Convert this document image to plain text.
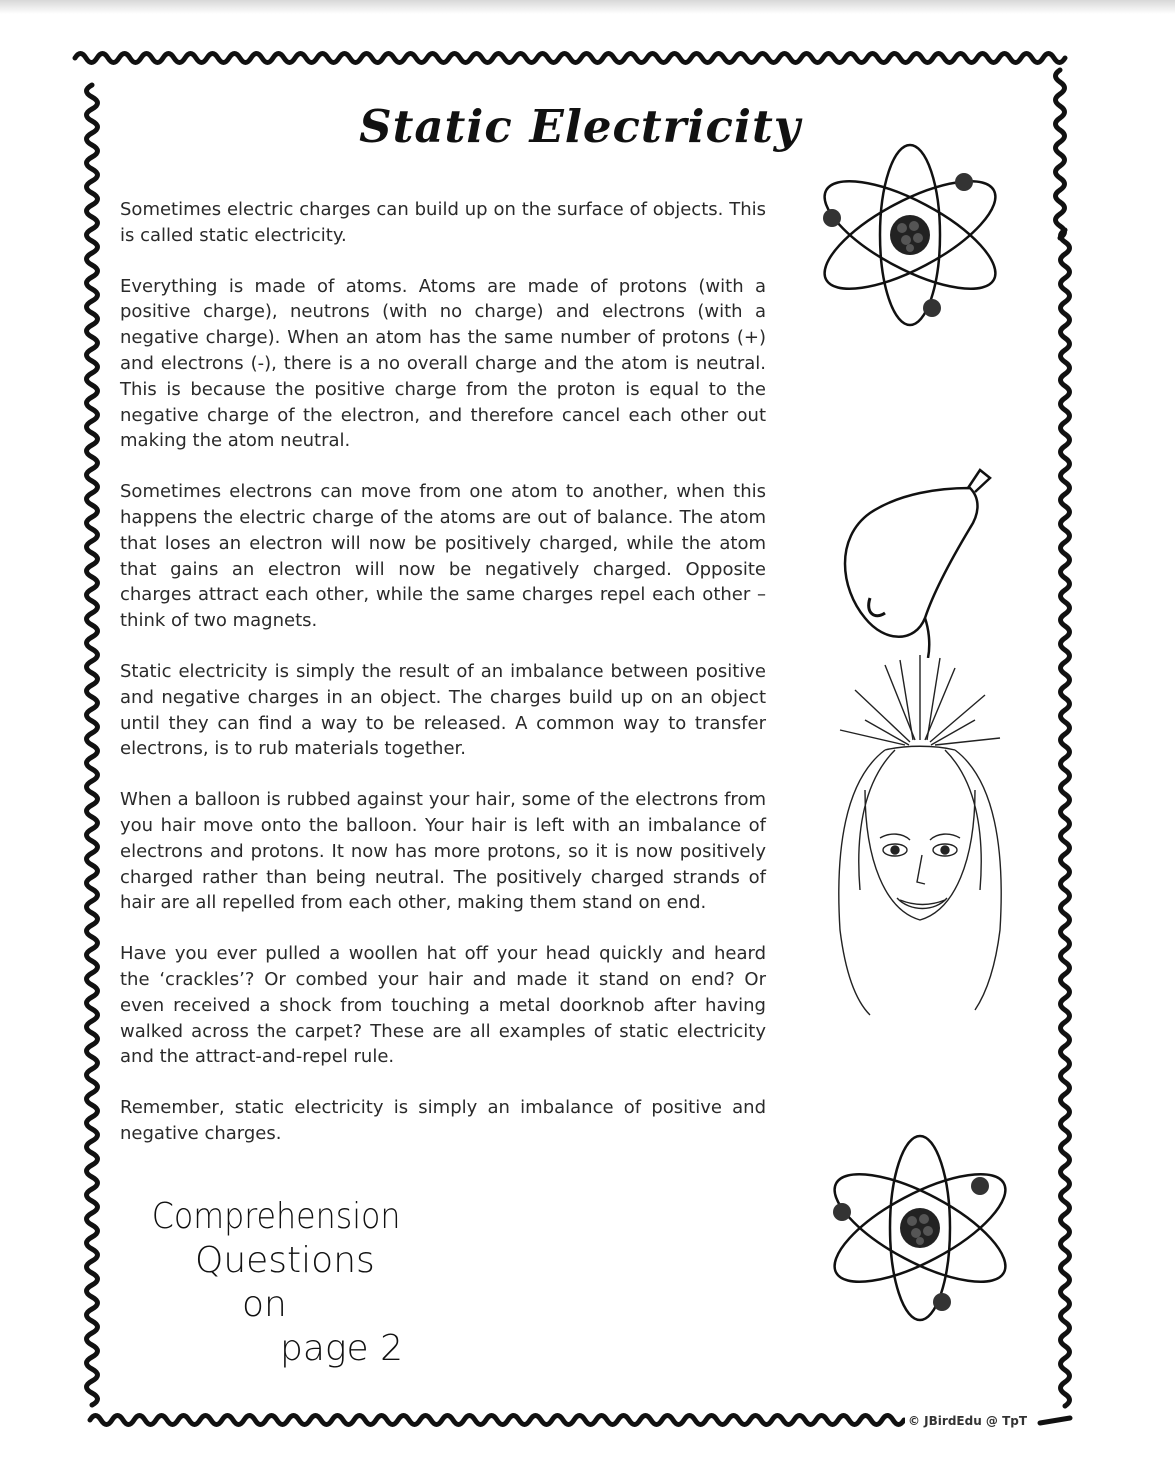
Static Electricity

Sometimes electric charges can build up on the surface of objects. This is called static electricity.

Everything is made of atoms. Atoms are made of protons (with a positive charge), neutrons (with no charge) and electrons (with a negative charge). When an atom has the same number of protons (+) and electrons (-), there is a no overall charge and the atom is neutral. This is because the positive charge from the proton is equal to the negative charge of the electron, and therefore cancel each other out making the atom neutral.

Sometimes electrons can move from one atom to another, when this happens the electric charge of the atoms are out of balance. The atom that loses an electron will now be positively charged, while the atom that gains an electron will now be negatively charged. Opposite charges attract each other, while the same charges repel each other – think of two magnets.

Static electricity is simply the result of an imbalance between positive and negative charges in an object. The charges build up on an object until they can find a way to be released. A common way to transfer electrons, is to rub materials together.

When a balloon is rubbed against your hair, some of the electrons from you hair move onto the balloon. Your hair is left with an imbalance of electrons and protons. It now has more protons, so it is now positively charged rather than being neutral. The positively charged strands of hair are all repelled from each other, making them stand on end.

Have you ever pulled a woollen hat off your head quickly and heard the ‘crackles’? Or combed your hair and made it stand on end? Or even received a shock from touching a metal doorknob after having walked across the carpet? These are all examples of static electricity and the attract-and-repel rule.

Remember, static electricity is simply an imbalance of positive and negative charges.

Comprehension
Questions
on
page 2
© JBirdEdu @ TpT
